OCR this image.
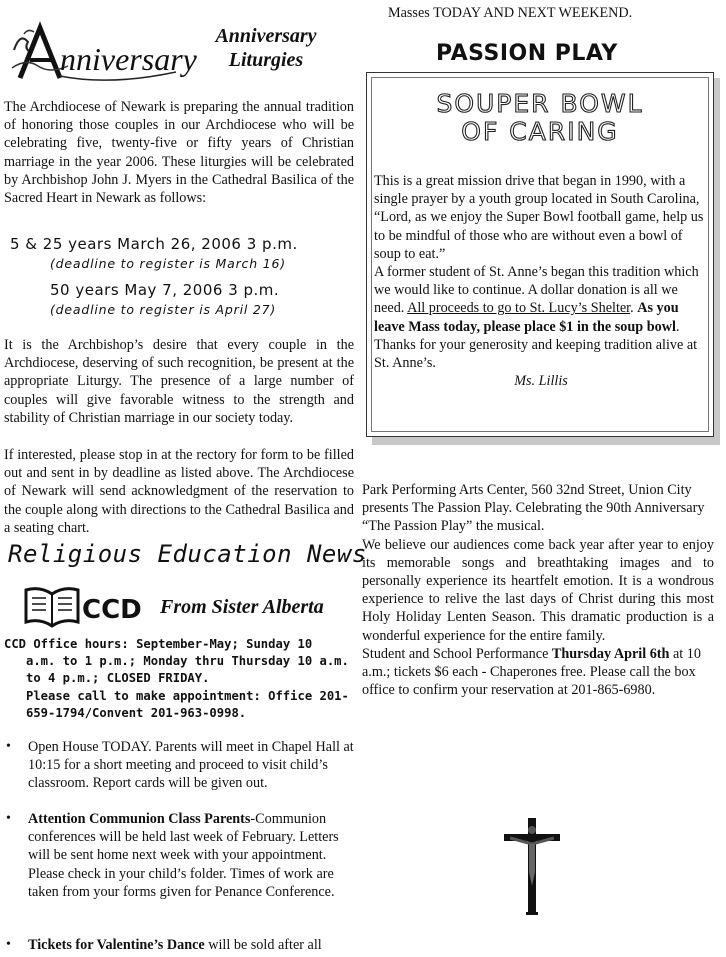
nniversary
Anniversary
Liturgies

The Archdiocese of Newark is preparing the annual tradition of honoring those couples in our Archdiocese who will be celebrating five, twenty-five or fifty years of Christian marriage in the year 2006. These liturgies will be celebrated by Archbishop John J. Myers in the Cathedral Basilica of the Sacred Heart in Newark as follows:

5 & 25 years March 26, 2006 3 p.m.
(deadline to register is March 16)
50 years May 7, 2006 3 p.m.
(deadline to register is April 27)

It is the Archbishop’s desire that every couple in the Archdiocese, deserving of such recognition, be present at the appropriate Liturgy. The presence of a large number of couples will give favorable witness to the strength and stability of Christian marriage in our society today.

If interested, please stop in at the rectory for form to be filled out and sent in by deadline as listed above. The Archdiocese of Newark will send acknowledgment of the reservation to the couple along with directions to the Cathedral Basilica and a seating chart.

Religious Education News
CCD From Sister Alberta
CCD Office hours: September-May; Sunday 10
a.m. to 1 p.m.; Monday thru Thursday 10 a.m.
to 4 p.m.; CLOSED FRIDAY.
Please call to make appointment: Office 201-
659-1794/Convent 201-963-0998.
• Open House TODAY. Parents will meet in Chapel Hall at 10:15 for a short meeting and proceed to visit child’s classroom. Report cards will be given out.
• Attention Communion Class Parents-Communion conferences will be held last week of February. Letters will be sent home next week with your appointment. Please check in your child’s folder. Times of work are taken from your forms given for Penance Conference.
• Tickets for Valentine’s Dance will be sold after all
Masses TODAY AND NEXT WEEKEND.
PASSION PLAY
SOUPER BOWL
OF CARING

This is a great mission drive that began in 1990, with a single prayer by a youth group located in South Carolina, “Lord, as we enjoy the Super Bowl football game, help us to be mindful of those who are without even a bowl of soup to eat.”

A former student of St. Anne’s began this tradition which we would like to continue. A dollar donation is all we need. All proceeds to go to St. Lucy’s Shelter. As you leave Mass today, please place $1 in the soup bowl. Thanks for your generosity and keeping tradition alive at St. Anne’s.

Ms. Lillis

Park Performing Arts Center, 560 32nd Street, Union City presents The Passion Play. Celebrating the 90th Anniversary “The Passion Play” the musical.

We believe our audiences come back year after year to enjoy its memorable songs and breathtaking images and to personally experience its heartfelt emotion. It is a wondrous experience to relive the last days of Christ during this most Holy Holiday Lenten Season. This dramatic production is a wonderful experience for the entire family.

Student and School Performance Thursday April 6th at 10 a.m.; tickets $6 each - Chaperones free. Please call the box office to confirm your reservation at 201-865-6980.
